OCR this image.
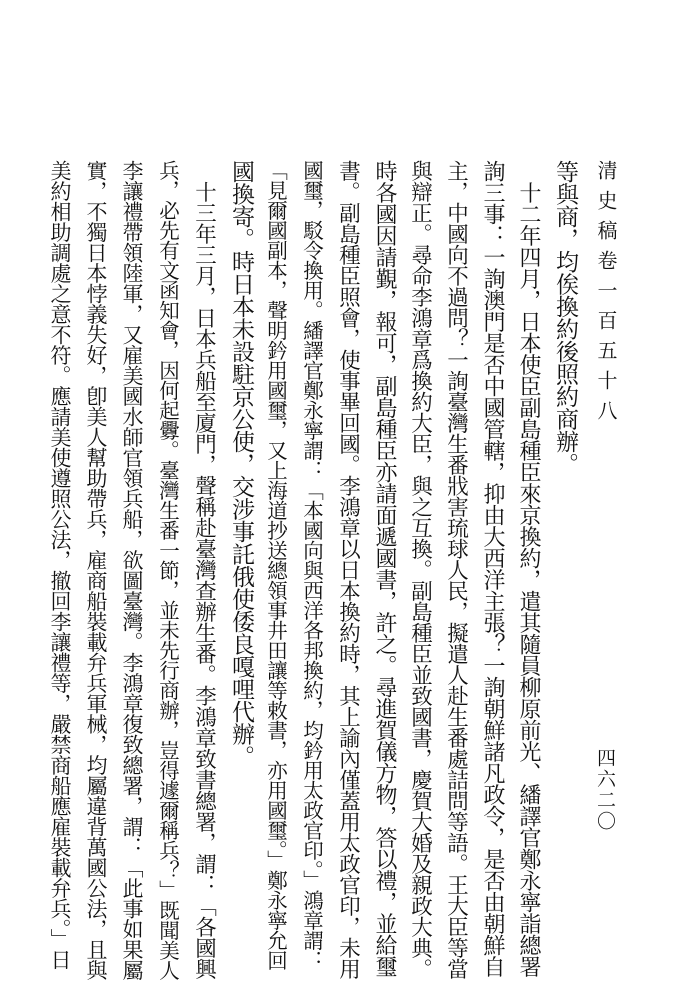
清史稿卷一百五十八
四六二〇
等與商，均俟換約後照約商辦。
　十二年四月，日本使臣副島種臣來京換約，遣其隨員柳原前光、繙譯官鄭永寧詣總署
詢三事：一詢澳門是否中國管轄，抑由大西洋主張？一詢朝鮮諸凡政令，是否由朝鮮自
主，中國向不過問？一詢臺灣生番戕害琉球人民，擬遣人赴生番處詰問等語。王大臣等當
與辯正。尋命李鴻章爲換約大臣，與之互換。副島種臣並致國書，慶賀大婚及親政大典。
時各國因請覲，報可，副島種臣亦請面遞國書，許之。尋進賀儀方物，答以禮，並給璽
書。副島種臣照會，使事畢回國。李鴻章以日本換約時，其上諭內僅蓋用太政官印，未用
國璽，駁令換用。繙譯官鄭永寧謂：「本國向與西洋各邦換約，均鈐用太政官印。」鴻章謂：
「見爾國副本，聲明鈐用國璽，又上海道抄送總領事井田讓等敕書，亦用國璽。」鄭永寧允回
國換寄。時日本未設駐京公使，交涉事託俄使倭良嘎哩代辦。
　十三年三月，日本兵船至廈門，聲稱赴臺灣查辦生番。李鴻章致書總署，謂：「各國興
兵，必先有文函知會，因何起釁。臺灣生番一節，並未先行商辦，豈得遽爾稱兵？」既聞美人
李讓禮帶領陸軍，又雇美國水師官領兵船，欲圖臺灣。李鴻章復致總署，謂：「此事如果屬
實，不獨日本悖義失好，卽美人幫助帶兵，雇商船裝載弁兵軍械，均屬違背萬國公法，且與
美約相助調處之意不符。應請美使遵照公法，撤回李讓禮等，嚴禁商船應雇裝載弁兵。」日
